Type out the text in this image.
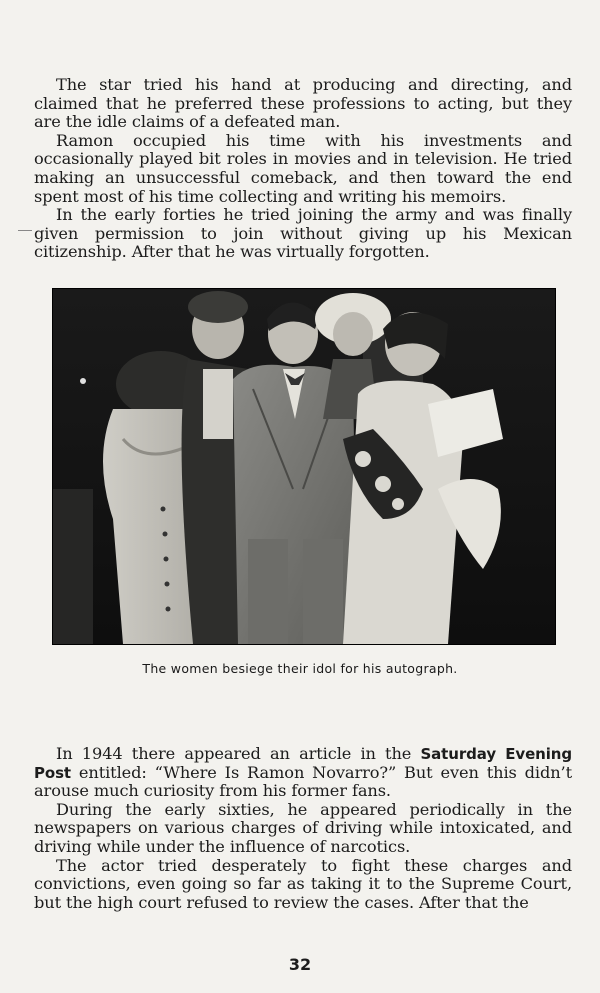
The star tried his hand at producing and directing, and claimed that he preferred these professions to acting, but they are the idle claims of a defeated man.

Ramon occupied his time with his investments and occasionally played bit roles in movies and in television. He tried making an unsuccessful comeback, and then toward the end spent most of his time collecting and writing his memoirs.

In the early forties he tried joining the army and was finally given permission to join without giving up his Mexican citizenship. After that he was virtually forgotten.

The women besiege their idol for his autograph.

In 1944 there appeared an article in the Saturday Evening Post entitled: “Where Is Ramon Novarro?” But even this didn’t arouse much curiosity from his former fans.

During the early sixties, he appeared periodically in the newspapers on various charges of driving while intoxicated, and driving while under the influence of narcotics.

The actor tried desperately to fight these charges and convictions, even going so far as taking it to the Supreme Court, but the high court refused to review the cases. After that the

32
